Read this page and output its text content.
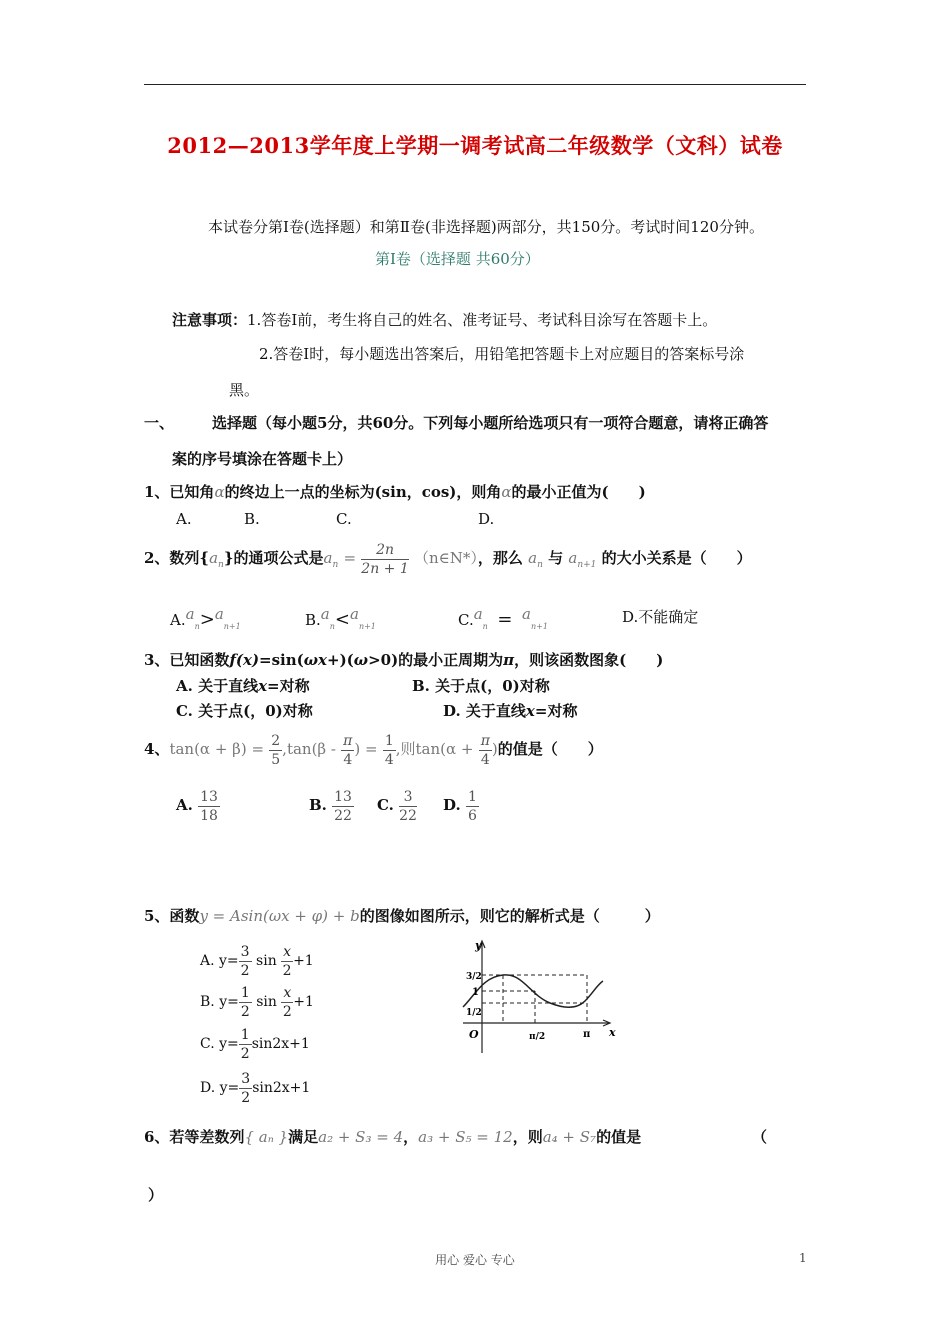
2012—2013学年度上学期一调考试高二年级数学（文科）试卷
本试卷分第Ⅰ卷(选择题）和第Ⅱ卷(非选择题)两部分，共150分。考试时间120分钟。
第Ⅰ卷（选择题 共60分）
注意事项：1.答卷Ⅰ前，考生将自己的姓名、准考证号、考试科目涂写在答题卡上。
2.答卷Ⅰ时，每小题选出答案后，用铅笔把答题卡上对应题目的答案标号涂
黑。
一、	选择题（每小题5分，共60分。下列每小题所给选项只有一项符合题意，请将正确答
案的序号填涂在答题卡上）
1、已知角α的终边上一点的坐标为(sin，cos)，则角α的最小正值为(　　)
A.	B.	C.	D.
2、数列$\{a_n\}$的通项公式是$a_n = \frac{2n}{2n + 1}$ （n∈N*），那么 $a_n$ 与 $a_{n+1}$ 的大小关系是（　　）
$A.a_n>a_{n+1}$	$B.a_n<a_{n+1}$	$C.a_n = a_{n+1}$
D.不能确定
3、已知函数f(x)=sin(ωx+)(ω>0)的最小正周期为π，则该函数图象(　　)
A. 关于直线x=对称	B. 关于点(，0)对称
C. 关于点(，0)对称	D. 关于直线x=对称
4、$\tan(\alpha + \beta) = \frac{2}{5} ,\tan(\beta - \frac{\pi}{4}$ ) = $\frac{1}{4}$ ,则$\tan(\alpha + \frac{\pi}{4}$ )的值是（　　）
A. $\frac{13}{18}$	B. $\frac{13}{22} C$. $\frac{3}{22} D$. $\frac{1}{6}$
5、函数y = Asin(ωx + φ) + b的图像如图所示，则它的解析式是（　　　）
A. $y= \frac{3}{2}$ $\sin \frac{x}{2} +1$
B. $y= \frac{1}{2}$ $\sin \frac{x}{2} +1$
C. $y= \frac{1}{2} \sin 2x+1$
D. $y= \frac{3}{2} \sin 2x+1$
y
x
O
3/2
1
1/2
π/2	π
6、若等差数列{ aₙ }满足a₂ + S₃ = 4，a₃ + S₅ = 12，则a₄ + S₇的值是	（
）
用心 爱心 专心	1
